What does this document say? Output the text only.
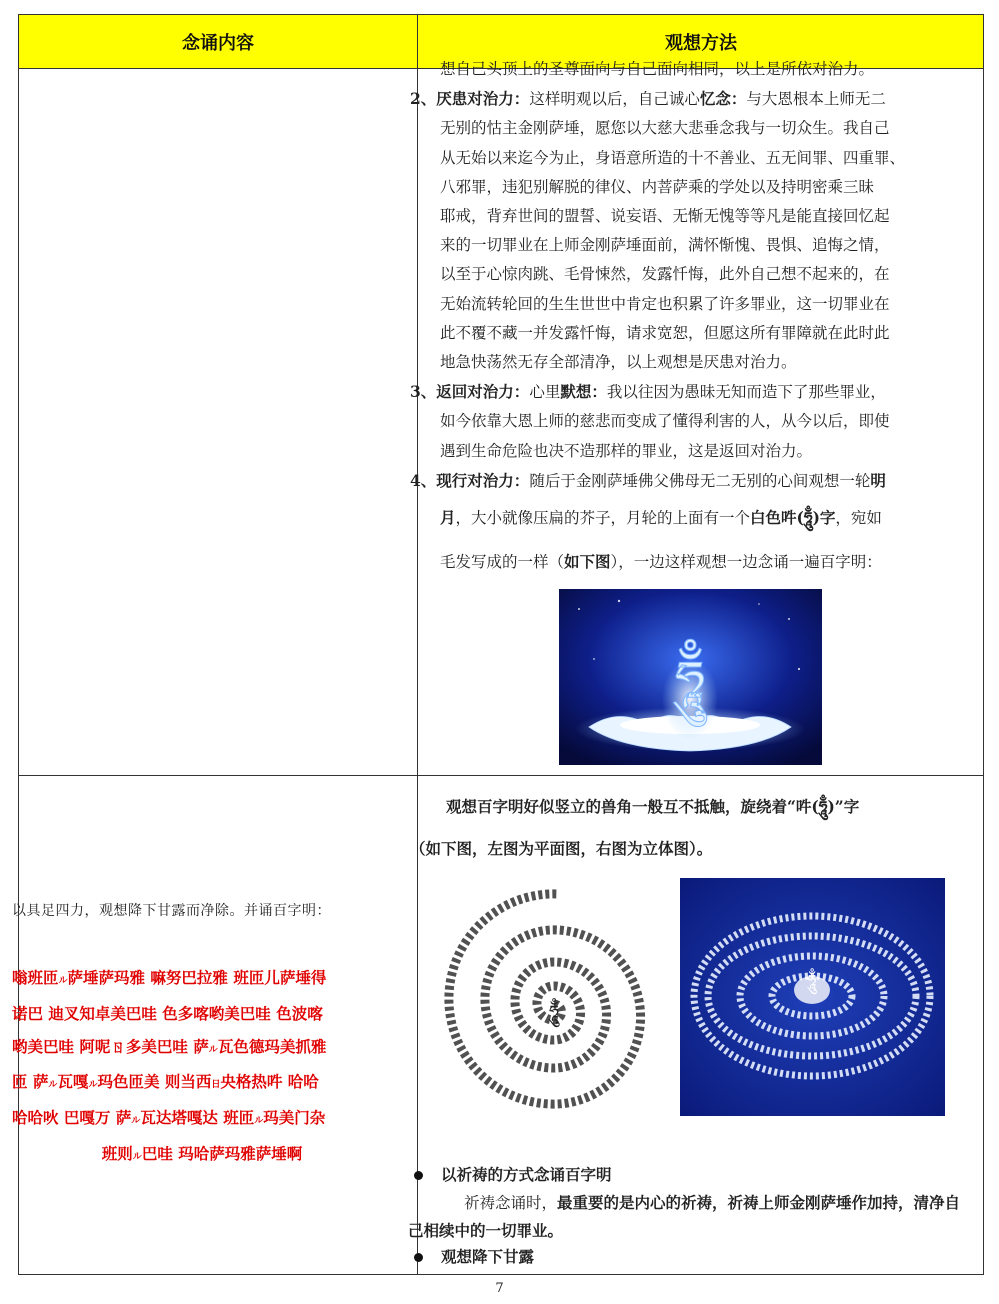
念诵内容	观想方法

想自己头顶上的圣尊面向与自己面向相同，以上是所依对治力。

2、厌患对治力：这样明观以后，自己诚心忆念：与大恩根本上师无二

无别的怙主金刚萨埵，愿您以大慈大悲垂念我与一切众生。我自己

从无始以来迄今为止，身语意所造的十不善业、五无间罪、四重罪、

八邪罪，违犯别解脱的律仪、内菩萨乘的学处以及持明密乘三昧

耶戒，背弃世间的盟誓、说妄语、无惭无愧等等凡是能直接回忆起

来的一切罪业在上师金刚萨埵面前，满怀惭愧、畏惧、追悔之情，

以至于心惊肉跳、毛骨悚然，发露忏悔，此外自己想不起来的，在

无始流转轮回的生生世世中肯定也积累了许多罪业，这一切罪业在

此不覆不藏一并发露忏悔，请求宽恕，但愿这所有罪障就在此时此

地急快荡然无存全部清净，以上观想是厌患对治力。

3、返回对治力：心里默想：我以往因为愚昧无知而造下了那些罪业，

如今依靠大恩上师的慈悲而变成了懂得利害的人，从今以后，即使

遇到生命危险也决不造那样的罪业，这是返回对治力。

4、现行对治力：随后于金刚萨埵佛父佛母无二无别的心间观想一轮明

月，大小就像压扁的芥子，月轮的上面有一个白色吽(ཧཱུྃ)字，宛如

毛发写成的一样（如下图），一边这样观想一边念诵一遍百字明：

ཧཱུྃ
以具足四力，观想降下甘露而净除。并诵百字明：
嗡班匝ル萨埵萨玛雅 嘛努巴拉雅 班匝儿萨埵得
诺巴 迪叉知卓美巴哇 色多喀哟美巴哇 色波喀
哟美巴哇 阿呢ㄖ多美巴哇 萨ル瓦色德玛美抓雅
匝 萨ル瓦嘎ル玛色匝美 则当西日央格热吽 哈哈
哈哈吙 巴嘎万 萨ル瓦达塔嘎达 班匝ル玛美门杂
班则ル巴哇 玛哈萨玛雅萨埵啊
观想百字明好似竖立的兽角一般互不抵触，旋绕着“吽(ཧཱུྃ)”字
（如下图，左图为平面图，右图为立体图）。
ཧཱུྃ
ཧཱུྃ
以祈祷的方式念诵百字明
祈祷念诵时，最重要的是内心的祈祷，祈祷上师金刚萨埵作加持，清净自己相续中的一切罪业。
观想降下甘露
7
